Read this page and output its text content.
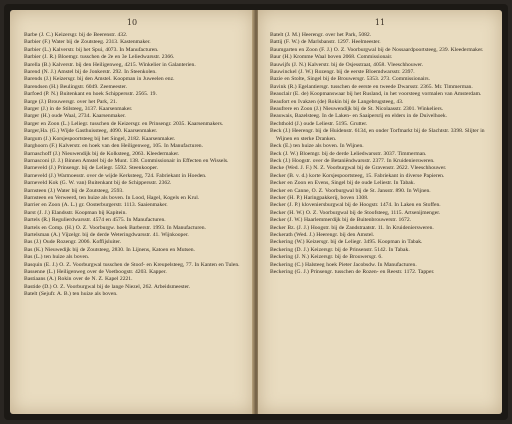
10
Barbe (J. C.) Keizersgr. bij de Beerenstr. 432.
Barbier (F.) Water bij de Zoutsteeg. 2313. Kastenmaker.
Barbier (L.) Kalverstr. bij het Spui, 4073. In Manufacturen.
Barbier (J. R.) Bloemgr. tusschen de 2e en 3e Leliedwarsstr. 2366.
Barella (B.) Kalverstr. bij den Heiligenweg, 4215. Winkelier in Galanterien.
Barend (N. J.) Amstel bij de Jonkerstr. 292. In Steenkolen.
Barends (J.) Keizersgr. bij den Amstel. Koopman in Juweelen enz.
Barendsen (H.) Beulingstr. 6049. Zeemeester.
Barfoed (P. N.) Buitenkant en hoek Schippersstr. 2565. 19.
Barge (J.) Brouwersgr. over het Park, 21.
Barger (J.) in de Stilsteeg, 3137. Kaarsenmaker.
Barger (H.) oude Waal, 2734. Kaarsenmaker.
Barger en Zoon (L.) Leliegr. tusschen de Keizersgr. en Prinsengr. 2035. Kaarsenmakers.
Barger,Ha. (G.) Wijde Gasthuissteeg, 4090. Kaarsenmaker.
Bargum (J.) Korsjespoortsteeg bij het Singel, 2182. Kaarsenmaker.
Barghoorn (F.) Kalverstr. en hoek van den Heiligenweg, 105. In Manufacturen.
Barnaschoff (J.) Nieuwendijk bij de Kolksteeg, 2063. Kleedermaker.
Barnasconi (J. J.) Binnen Amstel bij de Munt. 138. Commissionair in Effecten en Wissels.
Barneveld (J.) Prinsengr. bij de Leliegr. 5592. Steenkooper.
Barneveld (J.) Warmoesstr. over de wijde Kerksteeg, 724. Fabriekant in Hoeden.
Barneveld Kok (G. W. van) Buitenkant bij de Schippersstr. 2362.
Barnsteen (J.) Water bij de Zoutsteeg, 2593.
Barnsteen en Verweerd, ten huize als boven. In Lood, Hagel, Kogels en Krul.
Barrier en Zoon (A. L.) gr. Oosterburgerstr. 1113. Saaienmaker.
Barst (J. J.) Elandsstr. Koopman bij Kapitein.
Bartels (R.) Regulierdwarsstr. 4574 en 4575. In Manufacturen.
Bartels en Comp. (H.) O. Z. Voorburgw. hoek Barberstr. 1993. In Manufacturen.
Bartelsman (A.) Vijzelgr. bij de derde Weteringdwarsstr. 41. Wijnkooper.
Bas (J.) Oude Rozengr. 2006. Koffijsluiter.
Bas (K.) Nieuwedijk bij de Zoutsteeg, 2830. In Lijnens, Katoen en Mutsen.
Bas (L.) ten huize als boven.
Basquin (E. J.) O. Z. Voorburgwal tusschen de Stoof- en Kreupelsteeg, 77. In Kanten en Tulen.
Bassenne (L.) Heiligenweg over de Voetboogstr. 4203. Kapper.
Bastiaans (A.) Rokin over de N. Z. Kapel 2221.
Bastide (D.) O. Z. Voorburgwal bij de lange Niezel, 262. Arbeidsmeester.
Batelt (Sejufr. A. B.) ten huize als boven.
11
Batelt (J. M.) Heerengr. over het Park, 5082.
Battij (F. W.) de Marlsbanstr. 1297. Heelmeester.
Baumgarten en Zoon (F. J.) O. Z. Voorburgwal bij de Nossaardpoortsteeg, 239. Kleedermaker.
Baur (H.) Kromme Waal boven 2068. Commissionair.
Bauwijfs (J. N.) Kalverstr. bij de Osjesstraat, 4058. Vleeschhouwer.
Bauwinckel (J. W.) Rozengr. bij de eerste Bloemdwarsstr. 2397.
Bazie en Stolte, Singel bij de Brouwersgr. 5353. 273. Commissionairs.
Bavink (R.) Egelantiersgr. tusschen de eerste en tweede Dwarsstr. 2365. Mr. Timmerman.
Beauclair (E. de) Koopmanswaar bij het Rusland, in het voorsteeg vormalen van Amsterdam.
Beaufort en Ivakzen (de) Rokin bij de Langebrugsteeg, 43.
Beaufrere en Zoon (J.) Nieuwendijk bij de St. Nicolaasstr. 2301. Winkeliers.
Beauwais, Bazelsteeg. In de Laken- en Saaipersrij en elders in de Duivelhoek.
Bechthold (J.) oude Leliestr. 5195. Grutter.
Beck (J.) Heerengr. bij de Huidenstr. 6134, en onder Torfmarkt bij de Slachtstr. 3398. Slijter in Wijnen en sterke Dranken.
Beck (E.) ten huize als boven. In Wijnen.
Beck (J. W.) Bloemgr. bij de derde Leliedwarsstr. 3037. Timmerman.
Beck (J.) Hoogstr. over de Betaniëndwarsstr. 2377. In Kruideniersweren.
Becke (Wed. J. F.) N. Z. Voorburgwal bij de Gravenstr. 2622. Vleeschhouwer.
Becker (B. v. d.) korte Korsjespoortsteeg, 15. Fabriekant in diverse Papieren.
Becker en Zoon en Evens, Singel bij de oude Leliestr. In Tabak.
Becker en Canne, O. Z. Voorburgwal bij de St. Jansstr. 890. In Wijnen.
Becker (H. P.) Haringpakkerij, boven 1308.
Becker (J. P.) kloveniersburgwal bij de Hoogstr. 1474. In Laken en Stoffen.
Becker (H. W.) O. Z. Voorburgwal bij de Stoofsteeg, 1115. Artsenijmenger.
Becker (J. W.) Haarlemmerdijk bij de Buitenbrouwerstr. 1672.
Becker Bz. (J. J.) Hoogstr. bij de Zandstraatstr. 11. In Kruideniersweren.
Beckerath (Wed. J.) Heerengr. bij den Amstel.
Beckering (W.) Keizersgr. bij de Leliegr. 3495. Koopman in Tabak.
Beckering (D. J.) Keizersgr. bij de Prinsenstr. 5142. In Tabak.
Beckering (J. N.) Keizersgr. bij de Brouwersgr. 6.
Beckering (C.) Halsteeg hoek Pieter Jacobsdw. In Manufacturen.
Beckering (G. J.) Prinsengr. tusschen de Rozen- en Reestr. 1172. Tapper.
